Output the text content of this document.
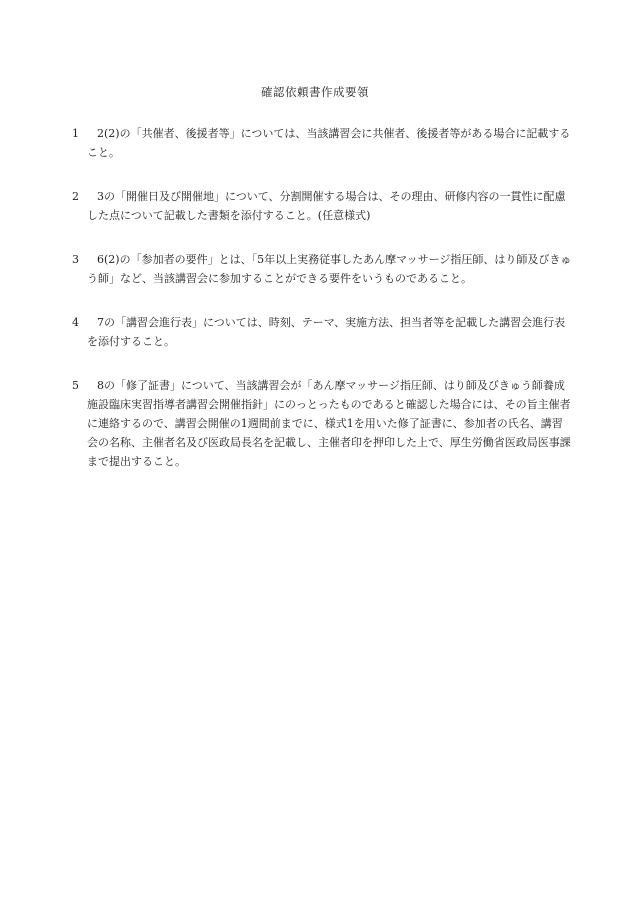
確認依頼書作成要領
1	2(2)の「共催者、後援者等」については、当該講習会に共催者、後援者等がある場合に記載すること。
2	3の「開催日及び開催地」について、分割開催する場合は、その理由、研修内容の一貫性に配慮した点について記載した書類を添付すること。(任意様式)
3	6(2)の「参加者の要件」とは、「5年以上実務従事したあん摩マッサージ指圧師、はり師及びきゅう師」など、当該講習会に参加することができる要件をいうものであること。
4	7の「講習会進行表」については、時刻、テーマ、実施方法、担当者等を記載した講習会進行表を添付すること。
5	8の「修了証書」について、当該講習会が「あん摩マッサージ指圧師、はり師及びきゅう師養成施設臨床実習指導者講習会開催指針」にのっとったものであると確認した場合には、その旨主催者に連絡するので、講習会開催の1週間前までに、様式1を用いた修了証書に、参加者の氏名、講習会の名称、主催者名及び医政局長名を記載し、主催者印を押印した上で、厚生労働省医政局医事課まで提出すること。
